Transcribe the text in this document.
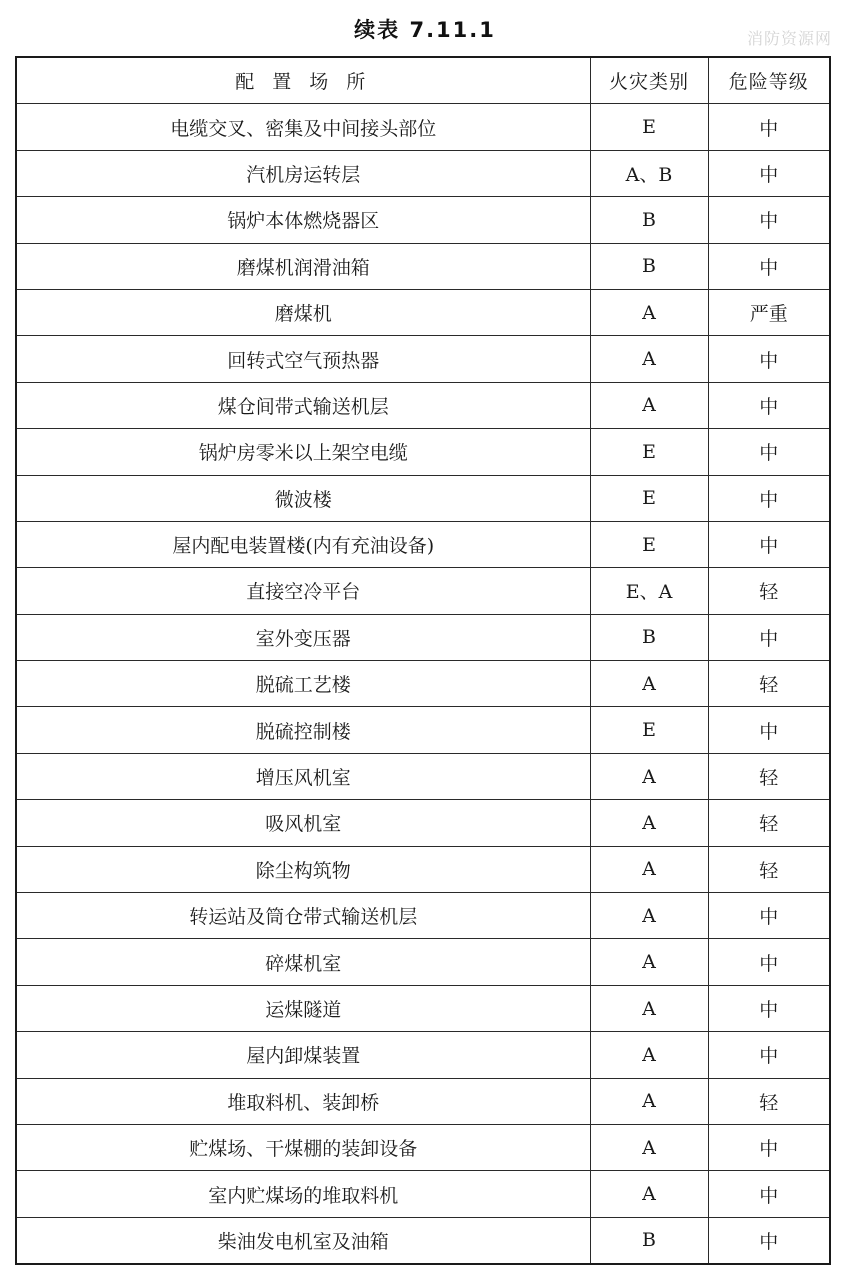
续表 7.11.1	消防资源网
配 置 场 所	火灾类别	危险等级
电缆交叉、密集及中间接头部位	E	中
汽机房运转层	A、B	中
锅炉本体燃烧器区	B	中
磨煤机润滑油箱	B	中
磨煤机	A	严重
回转式空气预热器	A	中
煤仓间带式输送机层	A	中
锅炉房零米以上架空电缆	E	中
微波楼	E	中
屋内配电装置楼(内有充油设备)	E	中
直接空冷平台	E、A	轻
室外变压器	B	中
脱硫工艺楼	A	轻
脱硫控制楼	E	中
增压风机室	A	轻
吸风机室	A	轻
除尘构筑物	A	轻
转运站及筒仓带式输送机层	A	中
碎煤机室	A	中
运煤隧道	A	中
屋内卸煤装置	A	中
堆取料机、装卸桥	A	轻
贮煤场、干煤棚的装卸设备	A	中
室内贮煤场的堆取料机	A	中
柴油发电机室及油箱	B	中
